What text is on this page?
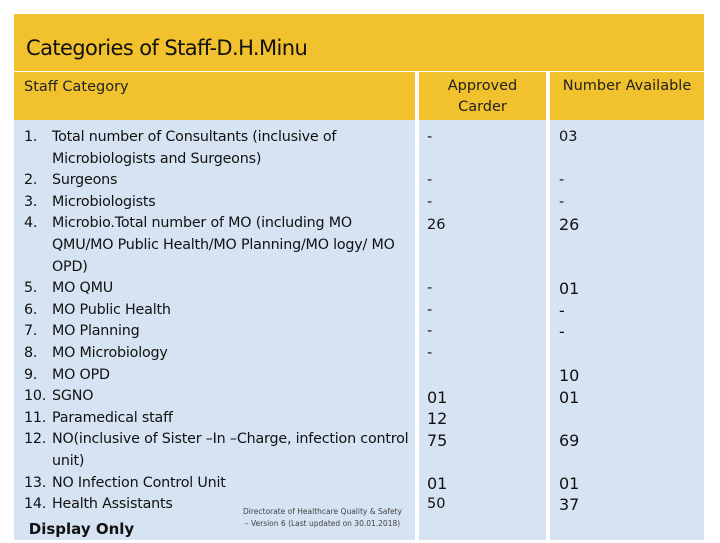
Categories of Staff-D.H.Minu
Staff Category	Approved
Carder
Number Available
1. Total number of Consultants (inclusive of Microbiologists and Surgeons)
2. Surgeons
3. Microbiologists
4. Microbio.Total number of MO (including MO QMU/MO Public Health/MO Planning/MO logy/ MO OPD)
5. MO QMU
6. MO Public Health
7. MO Planning
8. MO Microbiology
9. MO OPD
10. SGNO
11. Paramedical staff
12. NO(inclusive of Sister –In –Charge, infection control unit)
13. NO Infection Control Unit
14. Health Assistants
-
-
-
26
-
-
-
-
01
12
75
01
50
03
-
-
26
01
-
-
10
01
69
01
37
Display Only
Directorate of Healthcare Quality & Safety – Version 6 (Last updated on 30.01.2018)
